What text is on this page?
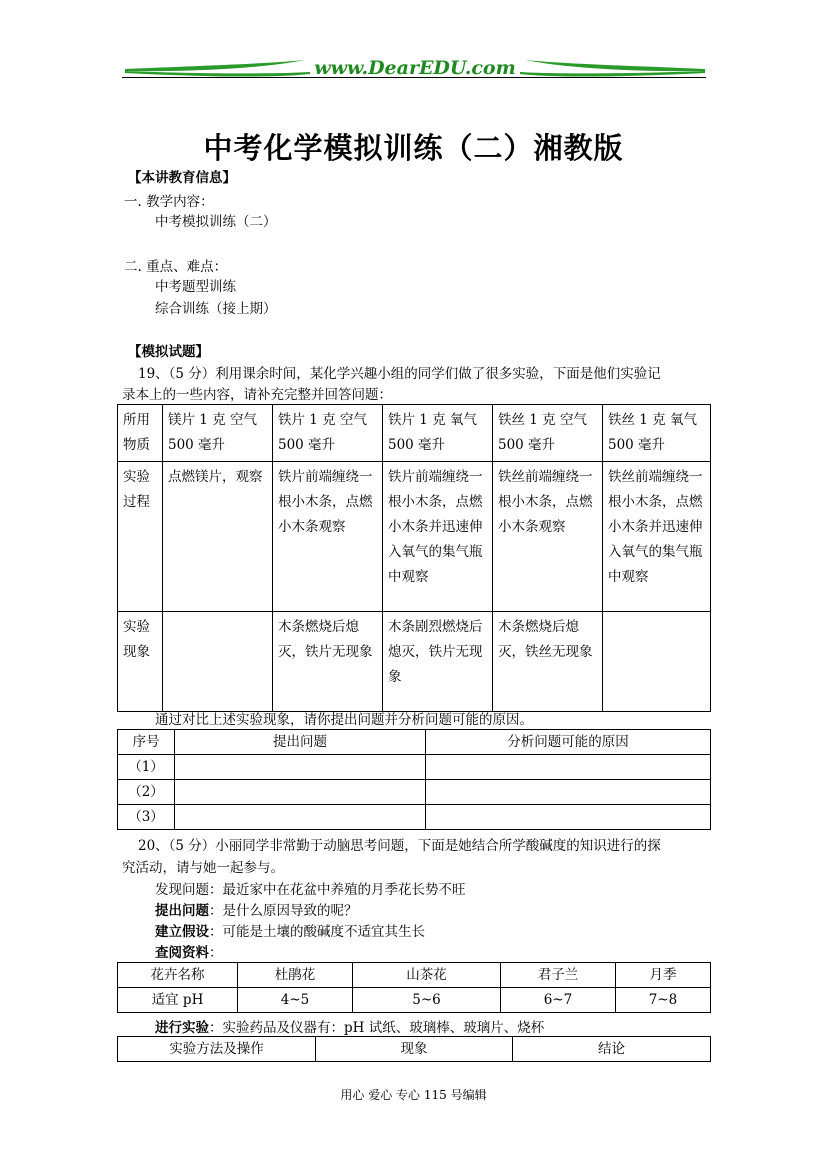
www.DearEDU.com
中考化学模拟训练（二）湘教版
【本讲教育信息】
一. 教学内容：
中考模拟训练（二）
二. 重点、难点：
中考题型训练
综合训练（接上期）
【模拟试题】
19、（5 分）利用课余时间，某化学兴趣小组的同学们做了很多实验，下面是他们实验记
录本上的一些内容，请补充完整并回答问题：
所用物质	镁片 1 克 空气 500 毫升	铁片 1 克 空气 500 毫升	铁片 1 克 氧气 500 毫升	铁丝 1 克 空气 500 毫升	铁丝 1 克 氧气 500 毫升
实验过程	点燃镁片，观察	铁片前端缠绕一根小木条，点燃小木条观察	铁片前端缠绕一根小木条，点燃小木条并迅速伸入氧气的集气瓶中观察	铁丝前端缠绕一根小木条，点燃小木条观察	铁丝前端缠绕一根小木条，点燃小木条并迅速伸入氧气的集气瓶中观察
实验现象		木条燃烧后熄灭，铁片无现象	木条剧烈燃烧后熄灭，铁片无现象	木条燃烧后熄灭，铁丝无现象	
通过对比上述实验现象，请你提出问题并分析问题可能的原因。
序号	提出问题	分析问题可能的原因
（1）		
（2）		
（3）		
20、（5 分）小丽同学非常勤于动脑思考问题，下面是她结合所学酸碱度的知识进行的探
究活动，请与她一起参与。
发现问题：最近家中在花盆中养殖的月季花长势不旺
提出问题：是什么原因导致的呢？
建立假设：可能是土壤的酸碱度不适宜其生长
查阅资料：
花卉名称	杜鹃花	山茶花	君子兰	月季
适宜 pH	4~5	5~6	6~7	7~8
进行实验：实验药品及仪器有：pH 试纸、玻璃棒、玻璃片、烧杯
实验方法及操作	现象	结论
用心 爱心 专心 115 号编辑
